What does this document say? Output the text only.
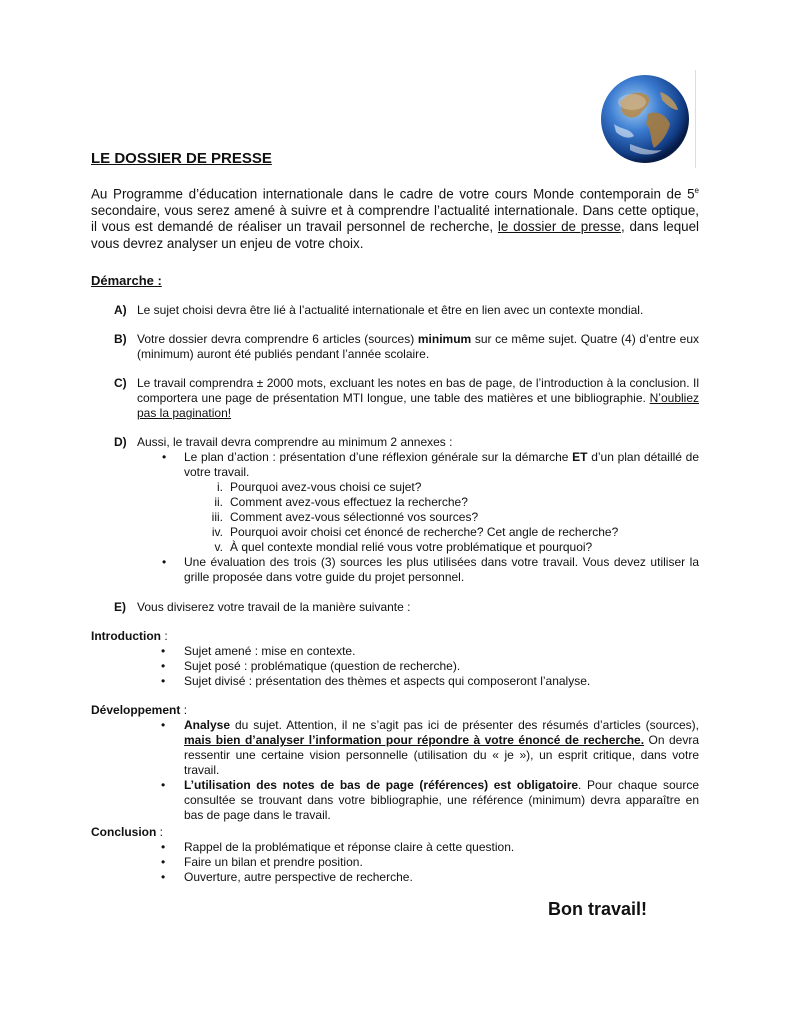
LE DOSSIER DE PRESSE
Au Programme d’éducation internationale dans le cadre de votre cours Monde contemporain de 5e secondaire, vous serez amené à suivre et à comprendre l’actualité internationale. Dans cette optique, il vous est demandé de réaliser un travail personnel de recherche, le dossier de presse, dans lequel vous devrez analyser un enjeu de votre choix.
Démarche :
A) Le sujet choisi devra être lié à l’actualité internationale et être en lien avec un contexte mondial.
B) Votre dossier devra comprendre 6 articles (sources) minimum sur ce même sujet. Quatre (4) d’entre eux (minimum) auront été publiés pendant l’année scolaire.
C) Le travail comprendra ± 2000 mots, excluant les notes en bas de page, de l’introduction à la conclusion. Il comportera une page de présentation MTI longue, une table des matières et une bibliographie. N’oubliez pas la pagination!
D) Aussi, le travail devra comprendre au minimum 2 annexes :
• Le plan d’action : présentation d’une réflexion générale sur la démarche ET d’un plan détaillé de votre travail.
i. Pourquoi avez-vous choisi ce sujet?
ii. Comment avez-vous effectuez la recherche?
iii. Comment avez-vous sélectionné vos sources?
iv. Pourquoi avoir choisi cet énoncé de recherche? Cet angle de recherche?
v. À quel contexte mondial relié vous votre problématique et pourquoi?
• Une évaluation des trois (3) sources les plus utilisées dans votre travail. Vous devez utiliser la grille proposée dans votre guide du projet personnel.
E) Vous diviserez votre travail de la manière suivante :
Introduction :
• Sujet amené : mise en contexte.
• Sujet posé : problématique (question de recherche).
• Sujet divisé : présentation des thèmes et aspects qui composeront l’analyse.
Développement :
• Analyse du sujet. Attention, il ne s’agit pas ici de présenter des résumés d’articles (sources), mais bien d’analyser l’information pour répondre à votre énoncé de recherche. On devra ressentir une certaine vision personnelle (utilisation du « je »), un esprit critique, dans votre travail.
• L’utilisation des notes de bas de page (références) est obligatoire. Pour chaque source consultée se trouvant dans votre bibliographie, une référence (minimum) devra apparaître en bas de page dans le travail.
Conclusion :
• Rappel de la problématique et réponse claire à cette question.
• Faire un bilan et prendre position.
• Ouverture, autre perspective de recherche.
Bon travail!
